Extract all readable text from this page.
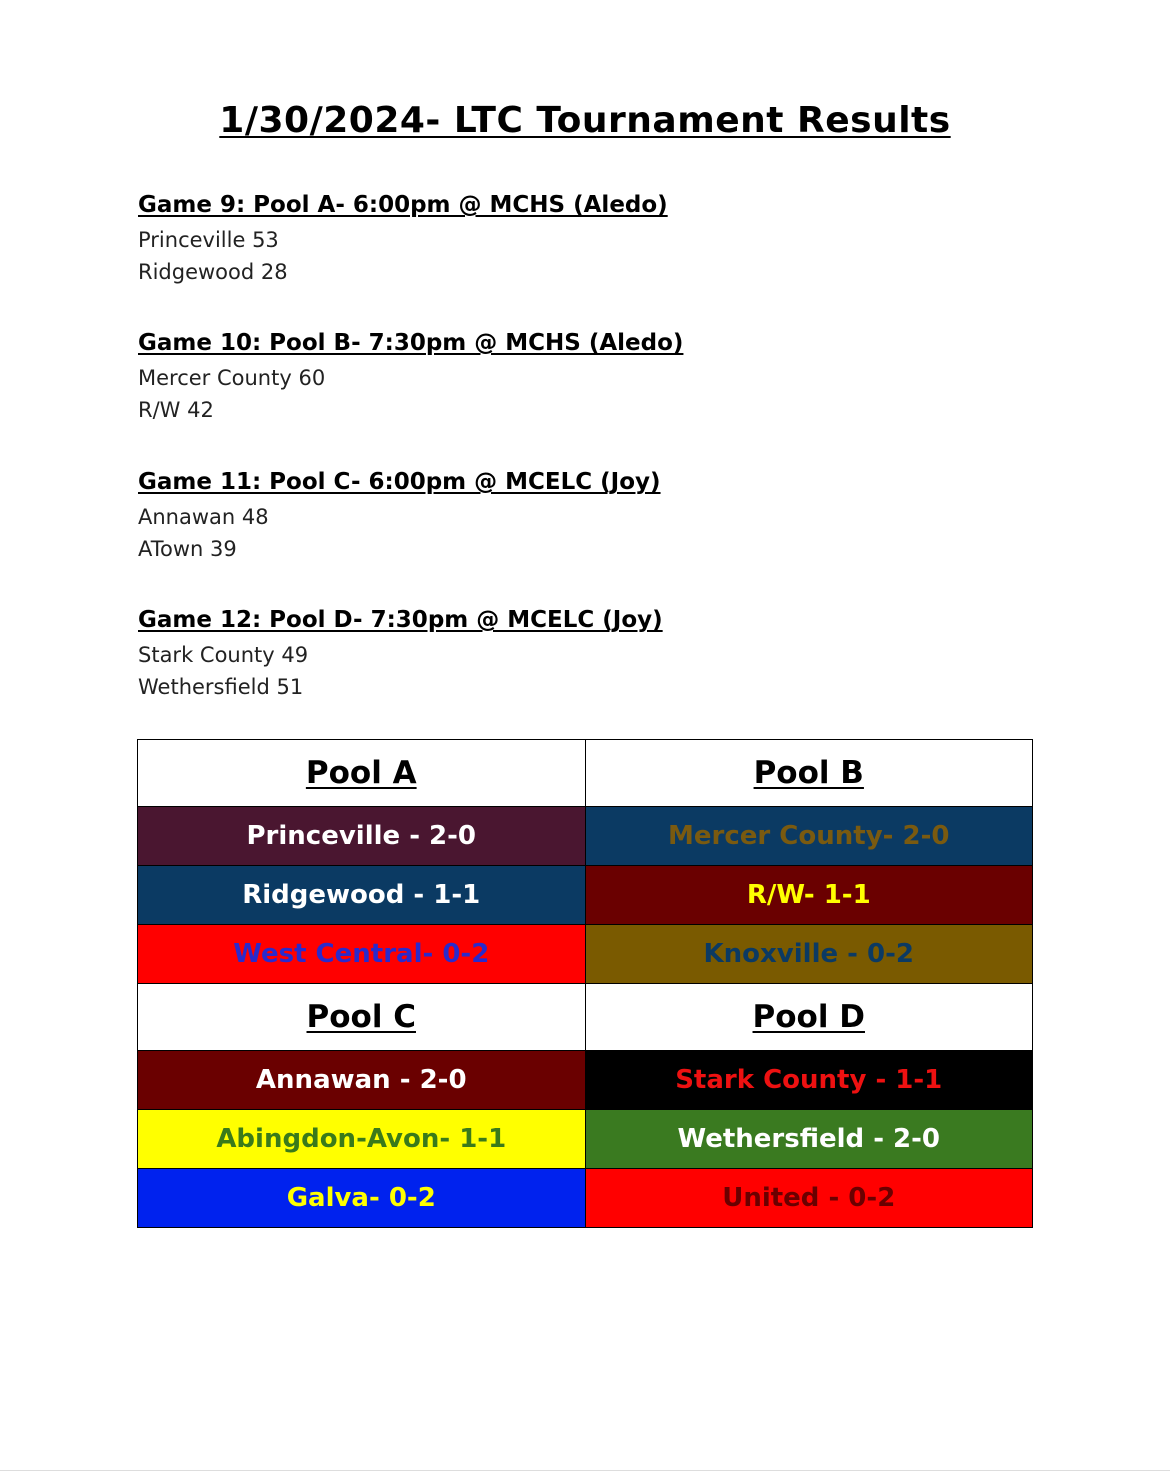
1/30/2024- LTC Tournament Results
Game 9: Pool A- 6:00pm @ MCHS (Aledo)
Princeville 53
Ridgewood 28
Game 10: Pool B- 7:30pm @ MCHS (Aledo)
Mercer County 60
R/W 42
Game 11: Pool C- 6:00pm @ MCELC (Joy)
Annawan 48
ATown 39
Game 12: Pool D- 7:30pm @ MCELC (Joy)
Stark County 49
Wethersfield 51
Pool A	Pool B
Princeville - 2-0	Mercer County- 2-0
Ridgewood - 1-1	R/W- 1-1
West Central- 0-2	Knoxville - 0-2
Pool C	Pool D
Annawan - 2-0	Stark County - 1-1
Abingdon-Avon- 1-1	Wethersfield - 2-0
Galva- 0-2	United - 0-2
